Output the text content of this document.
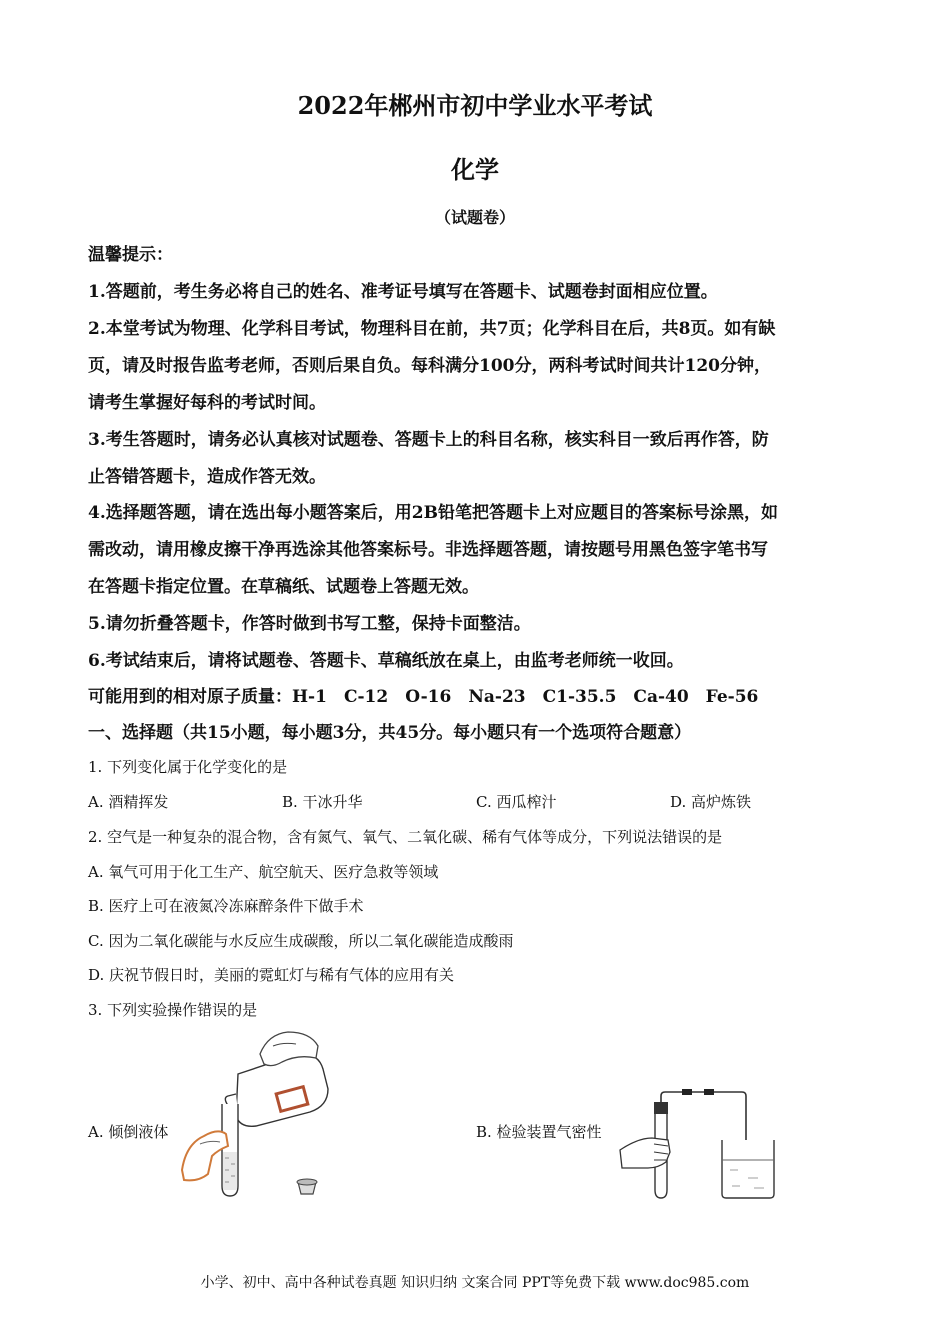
2022年郴州市初中学业水平考试
化学
（试题卷）
温馨提示：
1.答题前，考生务必将自己的姓名、准考证号填写在答题卡、试题卷封面相应位置。
2.本堂考试为物理、化学科目考试，物理科目在前，共7页；化学科目在后，共8页。如有缺
页，请及时报告监考老师，否则后果自负。每科满分100分，两科考试时间共计120分钟，
请考生掌握好每科的考试时间。
3.考生答题时，请务必认真核对试题卷、答题卡上的科目名称，核实科目一致后再作答，防
止答错答题卡，造成作答无效。
4.选择题答题，请在选出每小题答案后，用2B铅笔把答题卡上对应题目的答案标号涂黑，如
需改动，请用橡皮擦干净再选涂其他答案标号。非选择题答题，请按题号用黑色签字笔书写
在答题卡指定位置。在草稿纸、试题卷上答题无效。
5.请勿折叠答题卡，作答时做到书写工整，保持卡面整洁。
6.考试结束后，请将试题卷、答题卡、草稿纸放在桌上，由监考老师统一收回。
可能用到的相对原子质量：H-1　C-12　O-16　Na-23　C1-35.5　Ca-40　Fe-56
一、选择题（共15小题，每小题3分，共45分。每小题只有一个选项符合题意）
1. 下列变化属于化学变化的是
A. 酒精挥发	B. 干冰升华	C. 西瓜榨汁	D. 高炉炼铁
2. 空气是一种复杂的混合物，含有氮气、氧气、二氧化碳、稀有气体等成分，下列说法错误的是
A. 氧气可用于化工生产、航空航天、医疗急救等领域
B. 医疗上可在液氮冷冻麻醉条件下做手术
C. 因为二氧化碳能与水反应生成碳酸，所以二氧化碳能造成酸雨
D. 庆祝节假日时，美丽的霓虹灯与稀有气体的应用有关
3. 下列实验操作错误的是
A. 倾倒液体	B. 检验装置气密性
小学、初中、高中各种试卷真题 知识归纳 文案合同 PPT等免费下载 www.doc985.com
